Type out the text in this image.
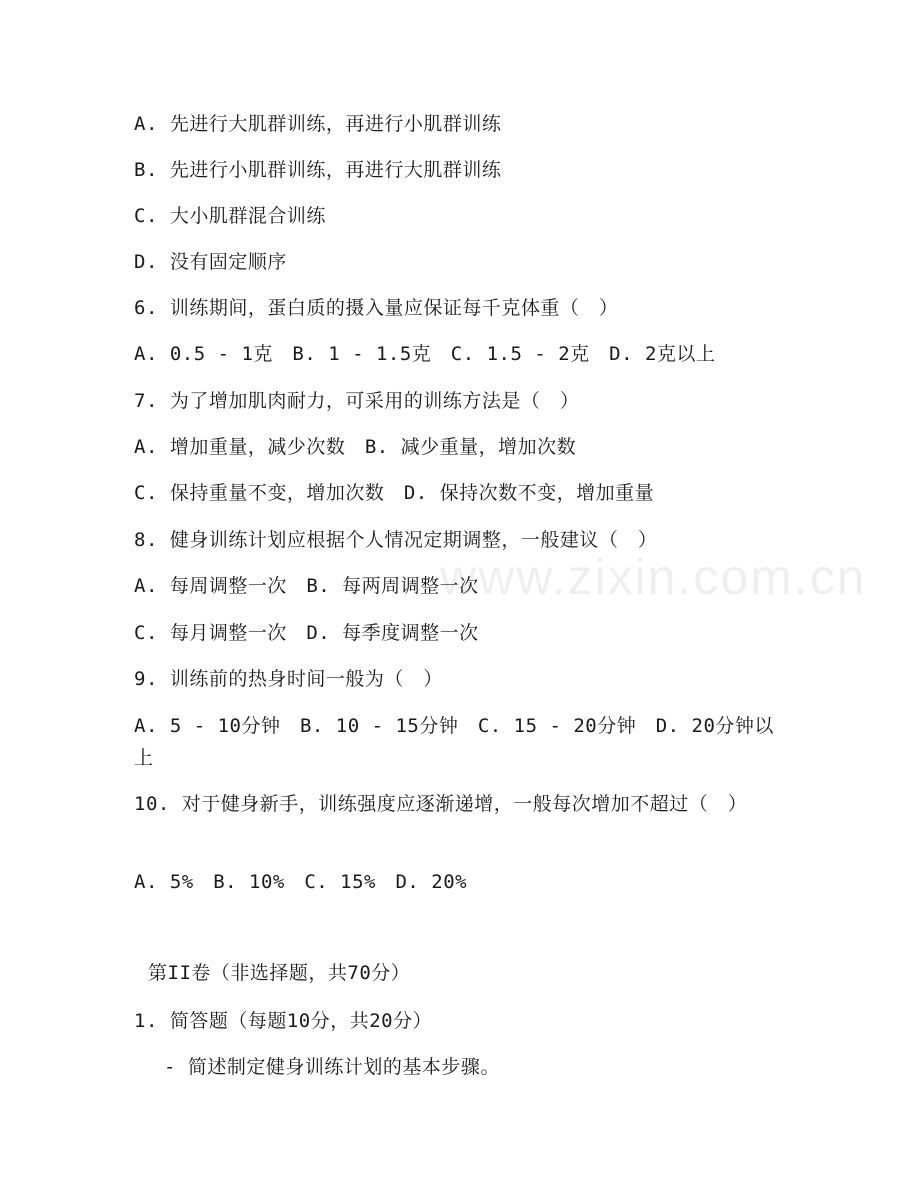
A. 先进行大肌群训练，再进行小肌群训练
B. 先进行小肌群训练，再进行大肌群训练
C. 大小肌群混合训练
D. 没有固定顺序
6. 训练期间，蛋白质的摄入量应保证每千克体重（　）
A. 0.5 - 1克　B. 1 - 1.5克　C. 1.5 - 2克　D. 2克以上
7. 为了增加肌肉耐力，可采用的训练方法是（　）
A. 增加重量，减少次数　B. 减少重量，增加次数
C. 保持重量不变，增加次数　D. 保持次数不变，增加重量
8. 健身训练计划应根据个人情况定期调整，一般建议（　）
A. 每周调整一次　B. 每两周调整一次
C. 每月调整一次　D. 每季度调整一次
9. 训练前的热身时间一般为（　）
A. 5 - 10分钟　B. 10 - 15分钟　C. 15 - 20分钟　D. 20分钟以上
10. 对于健身新手，训练强度应逐渐递增，一般每次增加不超过（　）
A. 5%　B. 10%　C. 15%　D. 20%
第II卷（非选择题，共70分）
1. 简答题（每题10分，共20分）
- 简述制定健身训练计划的基本步骤。
www.zixin.com.cn
